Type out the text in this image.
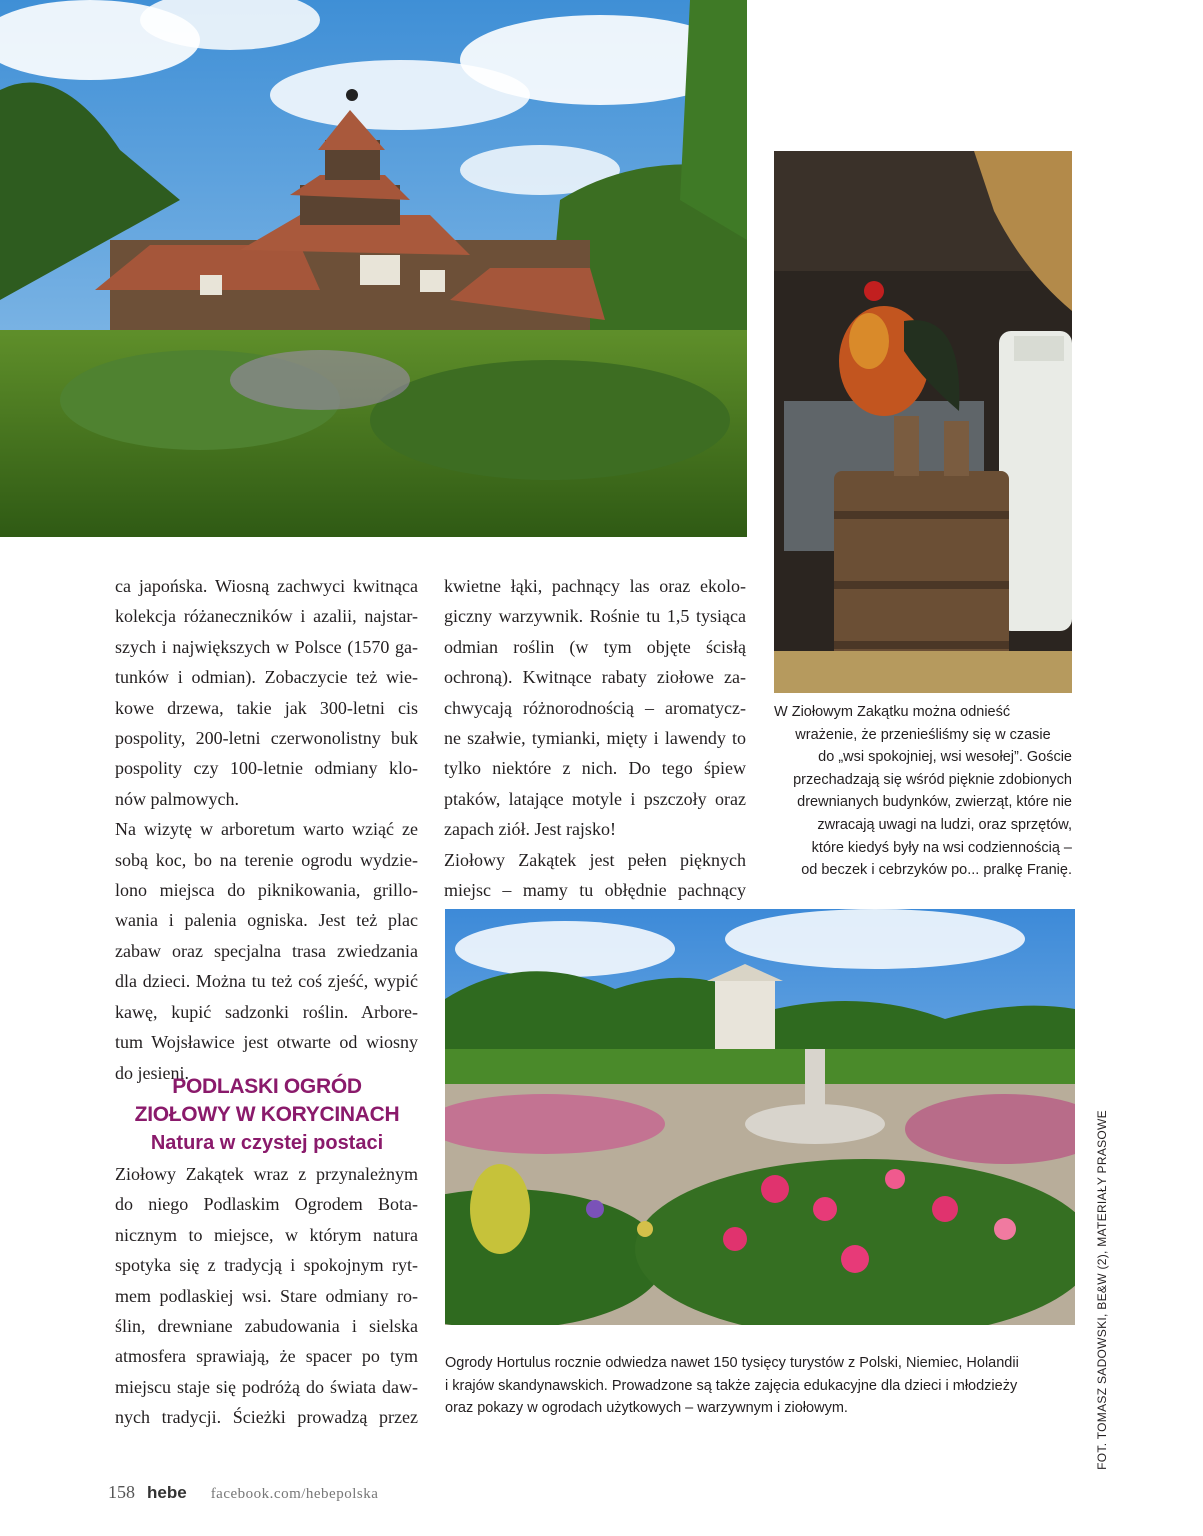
ca japońska. Wiosną zachwyci kwitnąca
kolekcja różaneczników i azalii, najstar-
szych i największych w Polsce (1570 ga-
tunków i odmian). Zobaczycie też wie-
kowe drzewa, takie jak 300-letni cis
pospolity, 200-letni czerwonolistny buk
pospolity czy 100-letnie odmiany klo-
nów palmowych.
Na wizytę w arboretum warto wziąć ze
sobą koc, bo na terenie ogrodu wydzie-
lono miejsca do piknikowania, grillo-
wania i palenia ogniska. Jest też plac
zabaw oraz specjalna trasa zwiedzania
dla dzieci. Można tu też coś zjeść, wypić
kawę, kupić sadzonki roślin. Arbore-
tum Wojsławice jest otwarte od wiosny
do jesieni.
PODLASKI OGRÓD
ZIOŁOWY W KORYCINACH
Natura w czystej postaci
Ziołowy Zakątek wraz z przynależnym
do niego Podlaskim Ogrodem Bota-
nicznym to miejsce, w którym natura
spotyka się z tradycją i spokojnym ryt-
mem podlaskiej wsi. Stare odmiany ro-
ślin, drewniane zabudowania i sielska
atmosfera sprawiają, że spacer po tym
miejscu staje się podróżą do świata daw-
nych tradycji. Ścieżki prowadzą przez
kwietne łąki, pachnący las oraz ekolo-
giczny warzywnik. Rośnie tu 1,5 tysiąca
odmian roślin (w tym objęte ścisłą
ochroną). Kwitnące rabaty ziołowe za-
chwycają różnorodnością – aromatycz-
ne szałwie, tymianki, mięty i lawendy to
tylko niektóre z nich. Do tego śpiew
ptaków, latające motyle i pszczoły oraz
zapach ziół. Jest rajsko!
Ziołowy Zakątek jest pełen pięknych
miejsc – mamy tu obłędnie pachnący
W Ziołowym Zakątku można odnieść
wrażenie, że przenieśliśmy się w czasie
do „wsi spokojniej, wsi wesołej”. Goście
przechadzają się wśród pięknie zdobionych
drewnianych budynków, zwierząt, które nie
zwracają uwagi na ludzi, oraz sprzętów,
które kiedyś były na wsi codziennością –
od beczek i cebrzyków po... pralkę Franię.
Ogrody Hortulus rocznie odwiedza nawet 150 tysięcy turystów z Polski, Niemiec, Holandii
i krajów skandynawskich. Prowadzone są także zajęcia edukacyjne dla dzieci i młodzieży
oraz pokazy w ogrodach użytkowych – warzywnym i ziołowym.	FOT. TOMASZ SADOWSKI, BE&W (2), MATERIAŁY PRASOWE
158 hebe facebook.com/hebepolska
